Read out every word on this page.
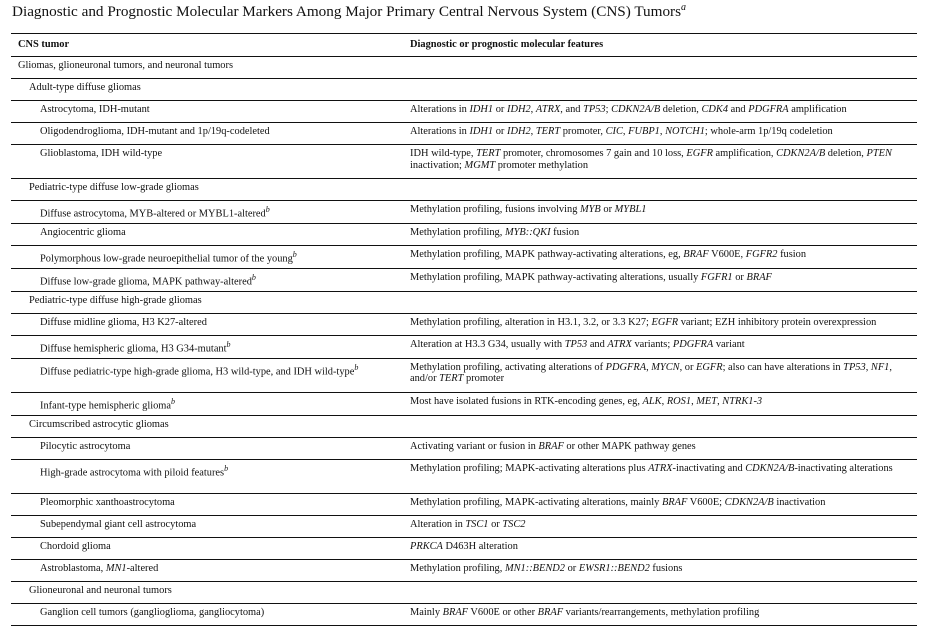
Diagnostic and Prognostic Molecular Markers Among Major Primary Central Nervous System (CNS) Tumors$^a$
CNS tumor	Diagnostic or prognostic molecular features
Gliomas, glioneuronal tumors, and neuronal tumors	
Adult-type diffuse gliomas	
Astrocytoma, IDH-mutant	Alterations in IDH1 or IDH2, ATRX, and TP53; CDKN2A/B deletion, CDK4 and PDGFRA amplification
Oligodendroglioma, IDH-mutant and 1p/19q-codeleted	Alterations in IDH1 or IDH2, TERT promoter, CIC, FUBP1, NOTCH1; whole-arm 1p/19q codeletion
Glioblastoma, IDH wild-type	IDH wild-type, TERT promoter, chromosomes 7 gain and 10 loss, EGFR amplification, CDKN2A/B deletion, PTEN inactivation; MGMT promoter methylation
Pediatric-type diffuse low-grade gliomas	
Diffuse astrocytoma, MYB-altered or MYBL1-altered$^b$	Methylation profiling, fusions involving MYB or MYBL1
Angiocentric glioma	Methylation profiling, MYB::QKI fusion
Polymorphous low-grade neuroepithelial tumor of the young$^b$	Methylation profiling, MAPK pathway-activating alterations, eg, BRAF V600E, FGFR2 fusion
Diffuse low-grade glioma, MAPK pathway-altered$^b$	Methylation profiling, MAPK pathway-activating alterations, usually FGFR1 or BRAF
Pediatric-type diffuse high-grade gliomas	
Diffuse midline glioma, H3 K27-altered	Methylation profiling, alteration in H3.1, 3.2, or 3.3 K27; EGFR variant; EZH inhibitory protein overexpression
Diffuse hemispheric glioma, H3 G34-mutant$^b$	Alteration at H3.3 G34, usually with TP53 and ATRX variants; PDGFRA variant
Diffuse pediatric-type high-grade glioma, H3 wild-type, and IDH wild-type$^b$	Methylation profiling, activating alterations of PDGFRA, MYCN, or EGFR; also can have alterations in TP53, NF1, and/or TERT promoter
Infant-type hemispheric glioma$^b$	Most have isolated fusions in RTK-encoding genes, eg, ALK, ROS1, MET, NTRK1-3
Circumscribed astrocytic gliomas	
Pilocytic astrocytoma	Activating variant or fusion in BRAF or other MAPK pathway genes
High-grade astrocytoma with piloid features$^b$	Methylation profiling; MAPK-activating alterations plus ATRX-inactivating and CDKN2A/B-inactivating alterations
Pleomorphic xanthoastrocytoma	Methylation profiling, MAPK-activating alterations, mainly BRAF V600E; CDKN2A/B inactivation
Subependymal giant cell astrocytoma	Alteration in TSC1 or TSC2
Chordoid glioma	PRKCA D463H alteration
Astroblastoma, MN1-altered	Methylation profiling, MN1::BEND2 or EWSR1::BEND2 fusions
Glioneuronal and neuronal tumors	
Ganglion cell tumors (ganglioglioma, gangliocytoma)	Mainly BRAF V600E or other BRAF variants/rearrangements, methylation profiling
